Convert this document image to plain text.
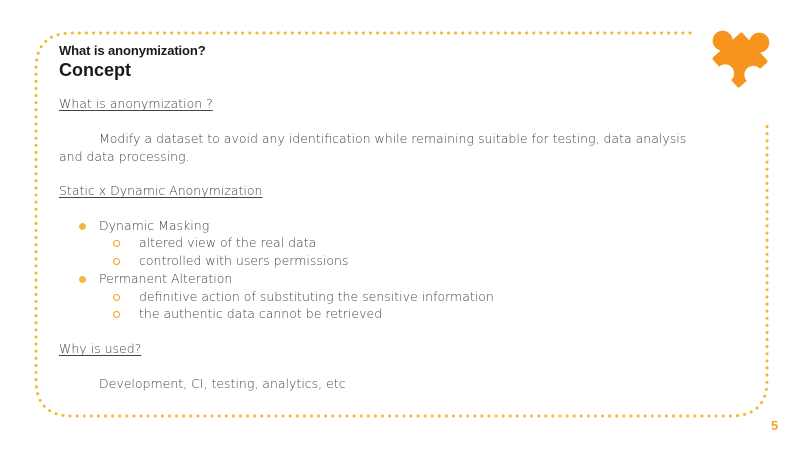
What is anonymization?
Concept
What is anonymization ?
Modify a dataset to avoid any identification while remaining suitable for testing, data analysis
and data processing.
Static x Dynamic Anonymization
Dynamic Masking
altered view of the real data
controlled with users permissions
Permanent Alteration
definitive action of substituting the sensitive information
the authentic data cannot be retrieved
Why is used?
Development, CI, testing, analytics, etc
5
